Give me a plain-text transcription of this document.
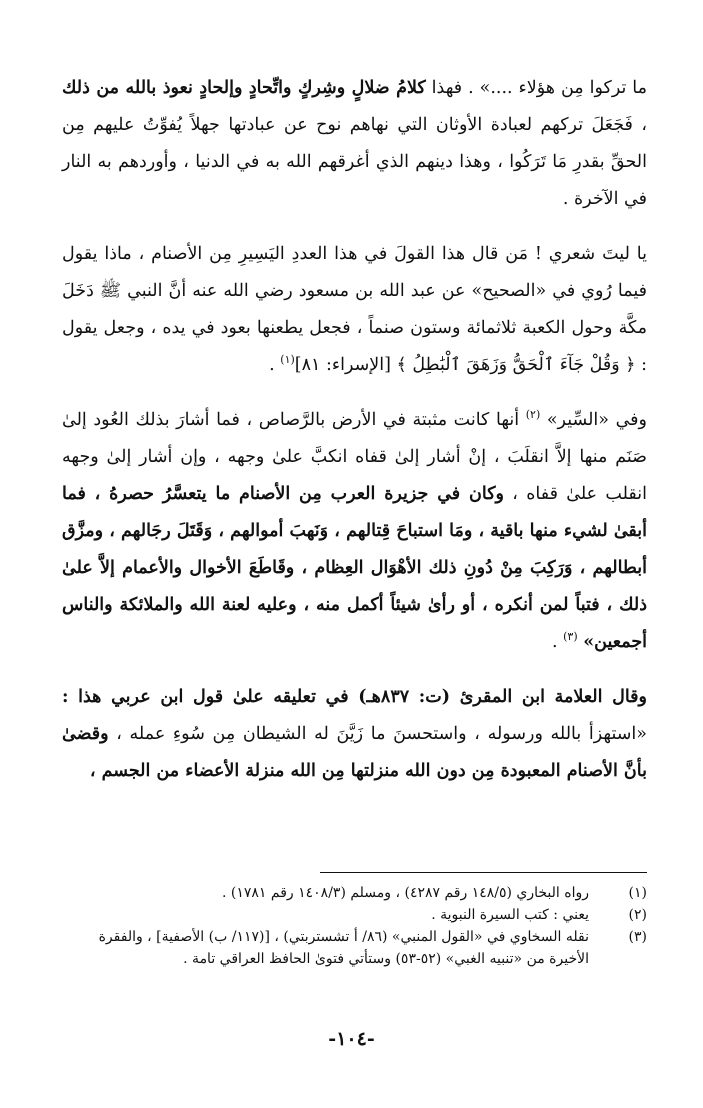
ما تركوا مِن هؤلاء ....» . فهذا كلامُ ضلالٍ وشِركٍ واتِّحادٍ وإلحادٍ نعوذ بالله من ذلك ، فَجَعَلَ تركهم لعبادة الأوثان التي نهاهم نوح عن عبادتها جهلاً يُفوِّتُ عليهم مِن الحقِّ بقدرِ مَا تَرَكُوا ، وهذا دينهم الذي أغرقهم الله به في الدنيا ، وأوردهم به النار في الآخرة .

يا ليتَ شعري ! مَن قال هذا القولَ في هذا العددِ اليَسِيرِ مِن الأصنام ، ماذا يقول فيما رُوي في «الصحيح» عن عبد الله بن مسعود رضي الله عنه أنَّ النبي ﷺ دَخَلَ مكَّة وحول الكعبة ثلاثمائة وستون صنماً ، فجعل يطعنها بعود في يده ، وجعل يقول : ﴿ وَقُلْ جَآءَ ٱلْحَقُّ وَزَهَقَ ٱلْبَٰطِلُ ﴾ [الإسراء: ٨١]$^{(١)}$ .

وفي «السِّير» $^{(٢)}$ أنها كانت مثبتة في الأرض بالرَّصاص ، فما أشارَ بذلك العُود إلىٰ صَنَم منها إلاَّ انقلَبَ ، إنْ أشار إلىٰ قفاه انكبَّ علىٰ وجهه ، وإن أشار إلىٰ وجهه انقلب علىٰ قفاه ، وكان في جزيرة العرب مِن الأصنام ما يتعسَّرُ حصرهُ ، فما أبقىٰ لشيء منها باقية ، ومَا استباحَ قِتالهم ، وَنَهبَ أموالهم ، وَقَتَلَ رجَالهم ، ومزَّق أبطالهم ، وَرَكِبَ مِنْ دُونِ ذلك الأهْوَال العِظام ، وقَاطَعَ الأخوال والأعمام إلاَّ علىٰ ذلك ، فتباً لمن أنكره ، أو رأىٰ شيئاً أكمل منه ، وعليه لعنة الله والملائكة والناس أجمعين» $^{(٣)}$ .

وقال العلامة ابن المقرئ (ت: ٨٣٧هـ) في تعليقه علىٰ قول ابن عربي هذا : «استهزأ بالله ورسوله ، واستحسنَ ما زَيَّنَ له الشيطان مِن سُوءِ عمله ، وقضىٰ بأنَّ الأصنام المعبودة مِن دون الله منزلتها مِن الله منزلة الأعضاء من الجسم ،

(١)
رواه البخاري (١٤٨/٥ رقم ٤٢٨٧) ، ومسلم (١٤٠٨/٣ رقم ١٧٨١) .
(٢)
يعني : كتب السيرة النبوية .
(٣)
نقله السخاوي في «القول المنبي» (٨٦/ أ تشستربتي) ، [(١١٧/ ب) الأصفية] ، والفقرة الأخيرة من «تنبيه الغبي» (٥٢-٥٣) وستأتي فتوىٰ الحافظ العراقي تامة .
-١٠٤-
